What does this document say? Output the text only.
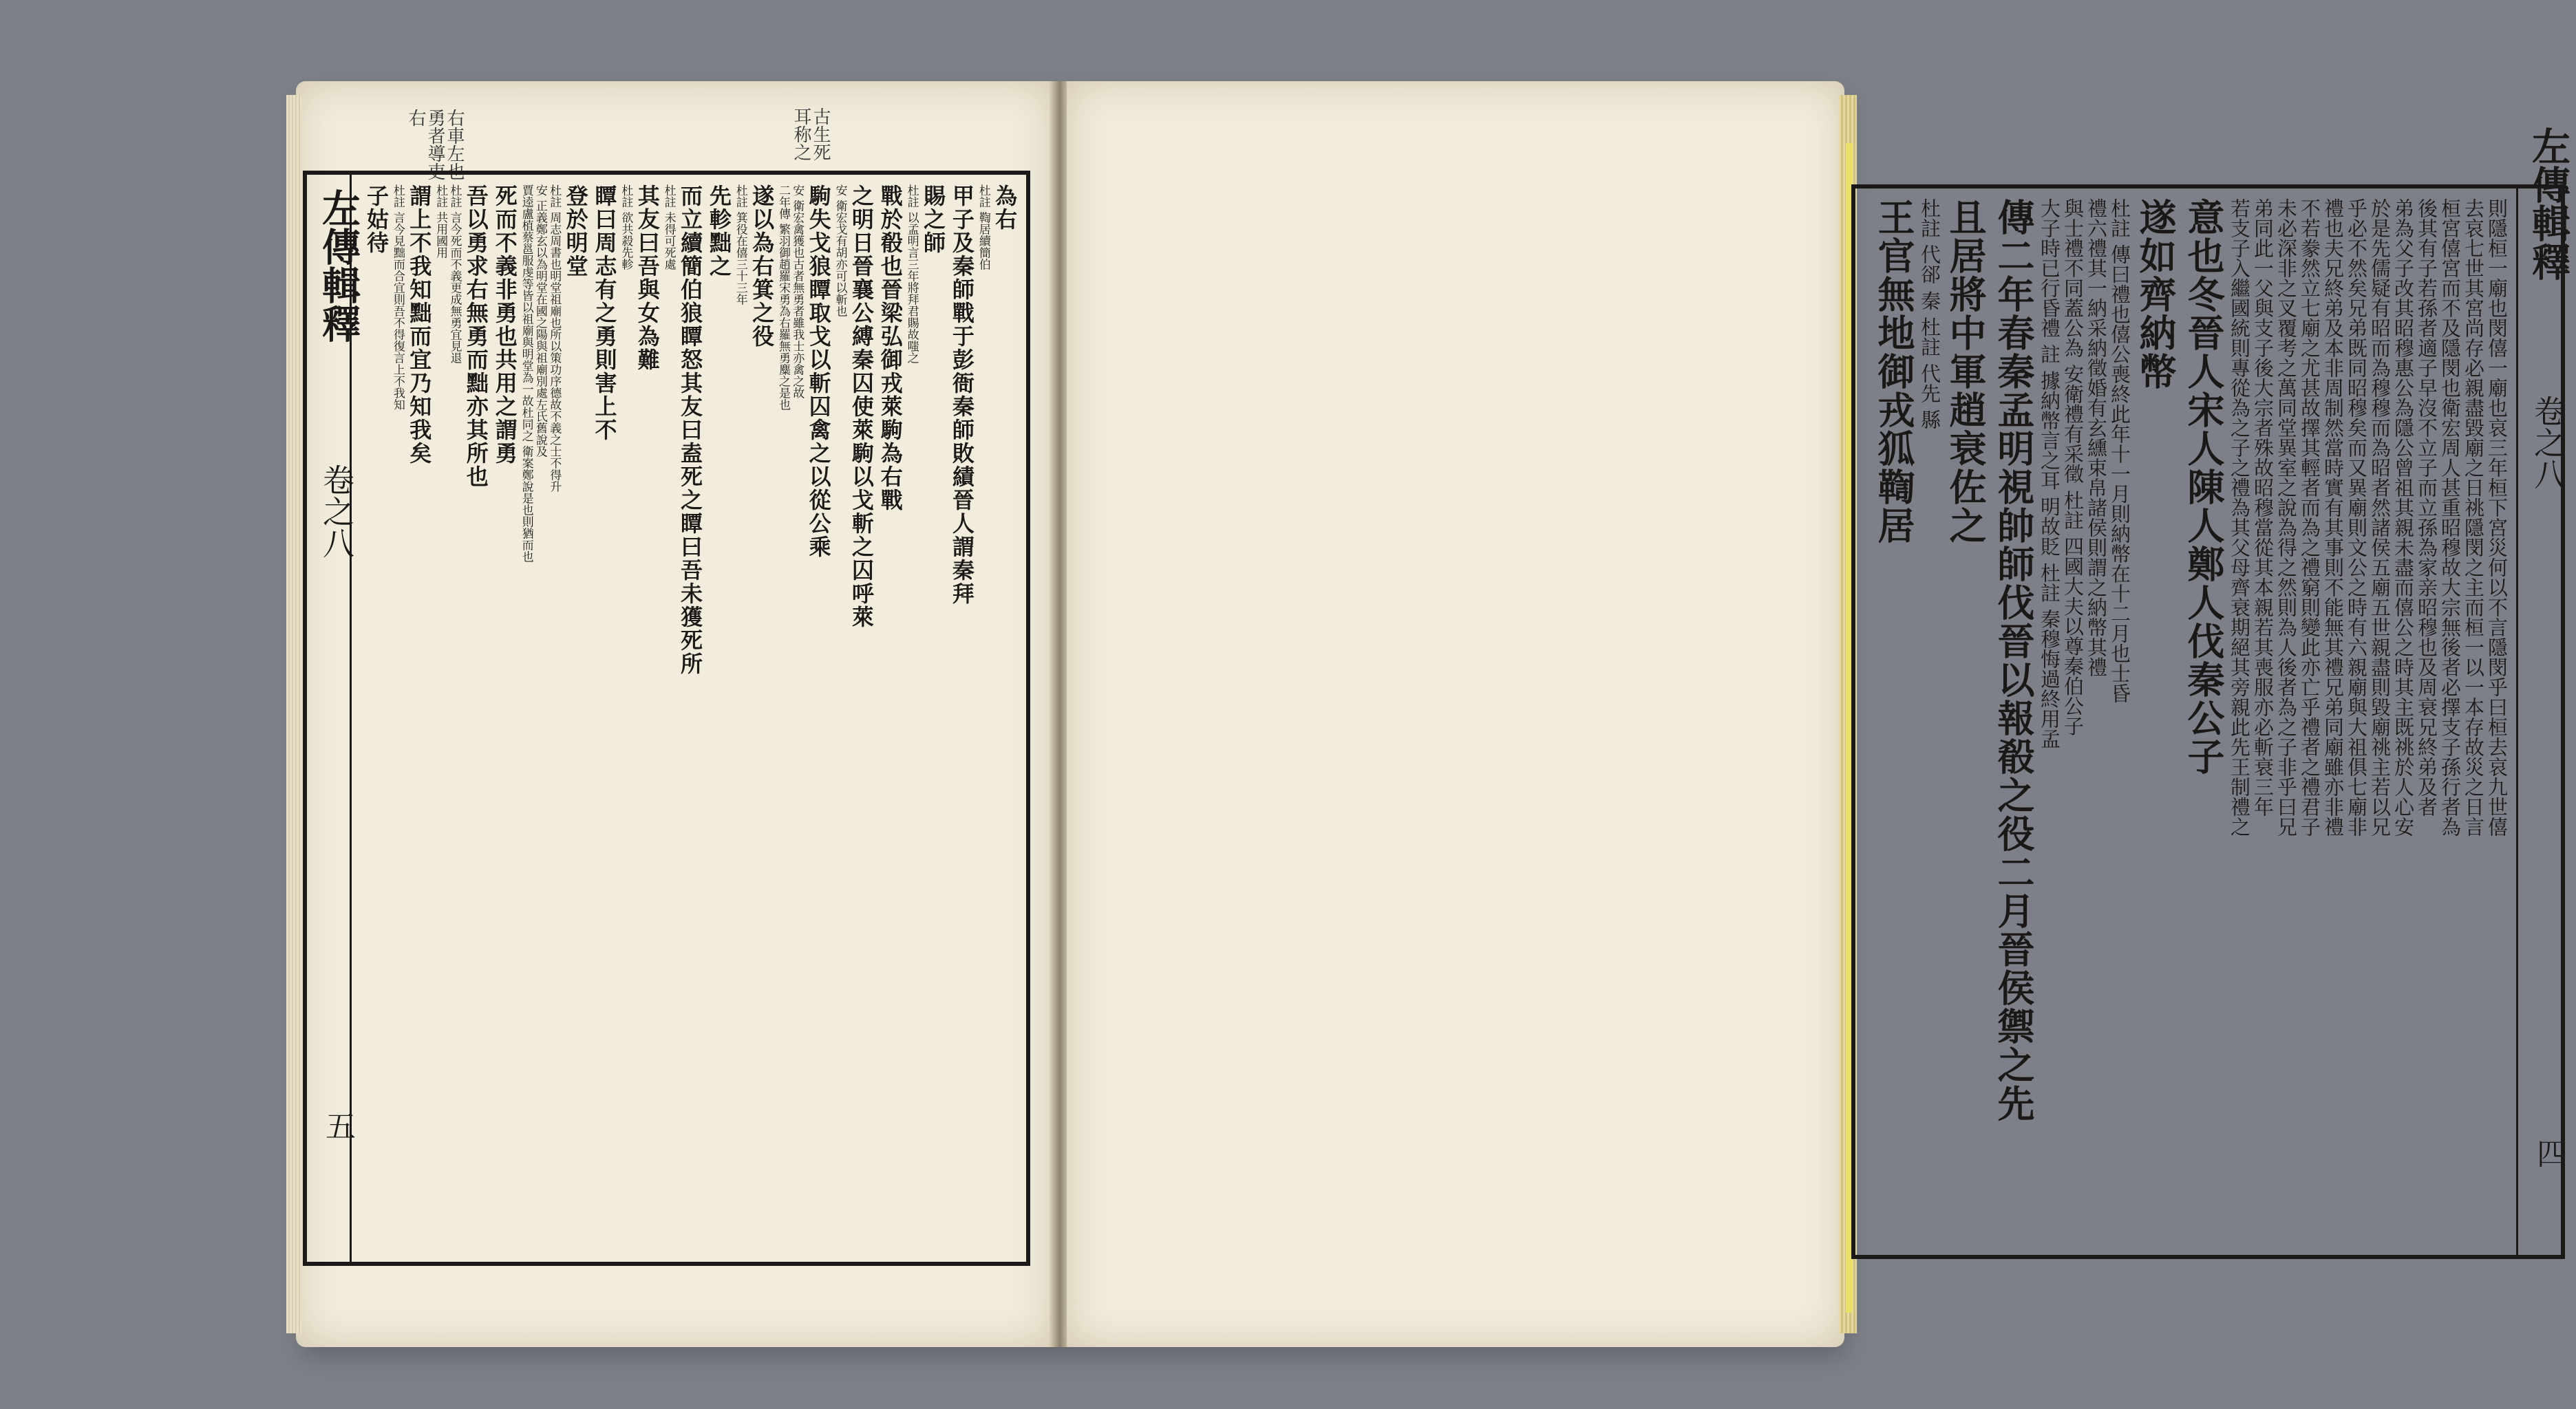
右車左也勇者導吏右	古生死耳称之
為右
杜註 鞫居續簡伯
甲子及秦師戰于彭衙秦師敗績晉人謂秦拜
賜之師
杜註 以孟明言三年將拜君賜故嗤之
戰於殽也晉梁弘御戎萊駒為右戰
之明日晉襄公縛秦囚使萊駒以戈斬之囚呼萊
安 衛宏戈有胡亦可以斬也
駒失戈狼瞫取戈以斬囚禽之以從公乘
安 衛宏禽獲也古者無勇者雖我士亦禽之故
二年傳 繁羽御趙羅宋勇為右羅無勇麋之是也
遂以為右箕之役
杜註 箕役在僖三十三年
先軫黜之
而立續簡伯狼瞫怒其友曰盍死之瞫曰吾未獲死所
杜註 未得可死處
其友曰吾與女為難
杜註 欲共殺先軫
瞫曰周志有之勇則害上不
登於明堂
杜註 周志周書也明堂祖廟也所以策功序德故不義之士不得升
安 正義鄭玄以為明堂在國之陽與祖廟別處左氏舊說及
賈逵盧植蔡邕服虔等皆以祖廟與明堂為一故杜同之 衛案鄭說是也則猶而也
死而不義非勇也共用之謂勇
吾以勇求右無勇而黜亦其所也
杜註 言今死而不義更成無勇宜見退
杜註 共用國用
謂上不我知黜而宜乃知我矣
杜註 言今見黜而合宜則吾不得復言上不我知
子姑待
左傳輯釋
卷之八
五
則隱桓一廟也閔僖一廟也哀三年桓下宮災何以不言隱閔乎曰桓去哀九世僖
去哀七世其宮尚存必親盡毀廟之日祧隱閔之主而桓一以一本存故災之日言
桓宮僖宮而不及隱閔也衛宏周人甚重昭穆故大宗無後者必擇支子孫行者為
後其有子若孫者適子早沒不立子而立孫為家亲昭穆也及周衰兄終弟及者
弟為父子改其昭穆惠公為隱公曾祖其親未盡而僖公之時其主既祧於人心安
於是先儒疑有昭而為穆穆而為昭者然諸侯五廟五世親盡則毀廟祧主若以兄
乎必不然矣兄弟既同昭穆矣而又異廟則文公之時有六親廟與大祖俱七廟非
禮也夫兄終弟及本非周制然當時實有其事則不能無其禮兄弟同廟雖亦非禮
不若豢然立七廟之尤甚故擇其輕者而為之禮窮則變此亦亡乎禮者之禮君子
未必深非之叉覆考之萬同堂異室之說為得之然則為人後者為之子非乎曰兄
弟同此一父與支子後大宗者殊故昭穆當從其本親若其喪服亦必斬衰三年
若支子入繼國統則專從為之子之禮為其父母齊衰期絕其旁親此先王制禮之
意也冬晉人宋人陳人鄭人伐秦公子
遂如齊納幣
杜註 傳曰禮也僖公喪終此年十一月則納幣在十二月也士昏
禮六禮其一納采納徵婚有玄纁束帛諸侯則謂之納幣其禮
與士禮不同蓋公為 安衛禮有采徵 杜註 四國大夫以尊秦伯公子
大子時已行昏禮 註 據納幣言之耳 明故貶 杜註 秦穆悔過終用孟
傳二年春秦孟明視帥師伐晉以報殽之役二月晉侯禦之先
且居將中軍趙衰佐之
杜註 代郤 秦 杜註 代先 縣
王官無地御戎狐鞫居	左傳輯釋
卷之八
四
